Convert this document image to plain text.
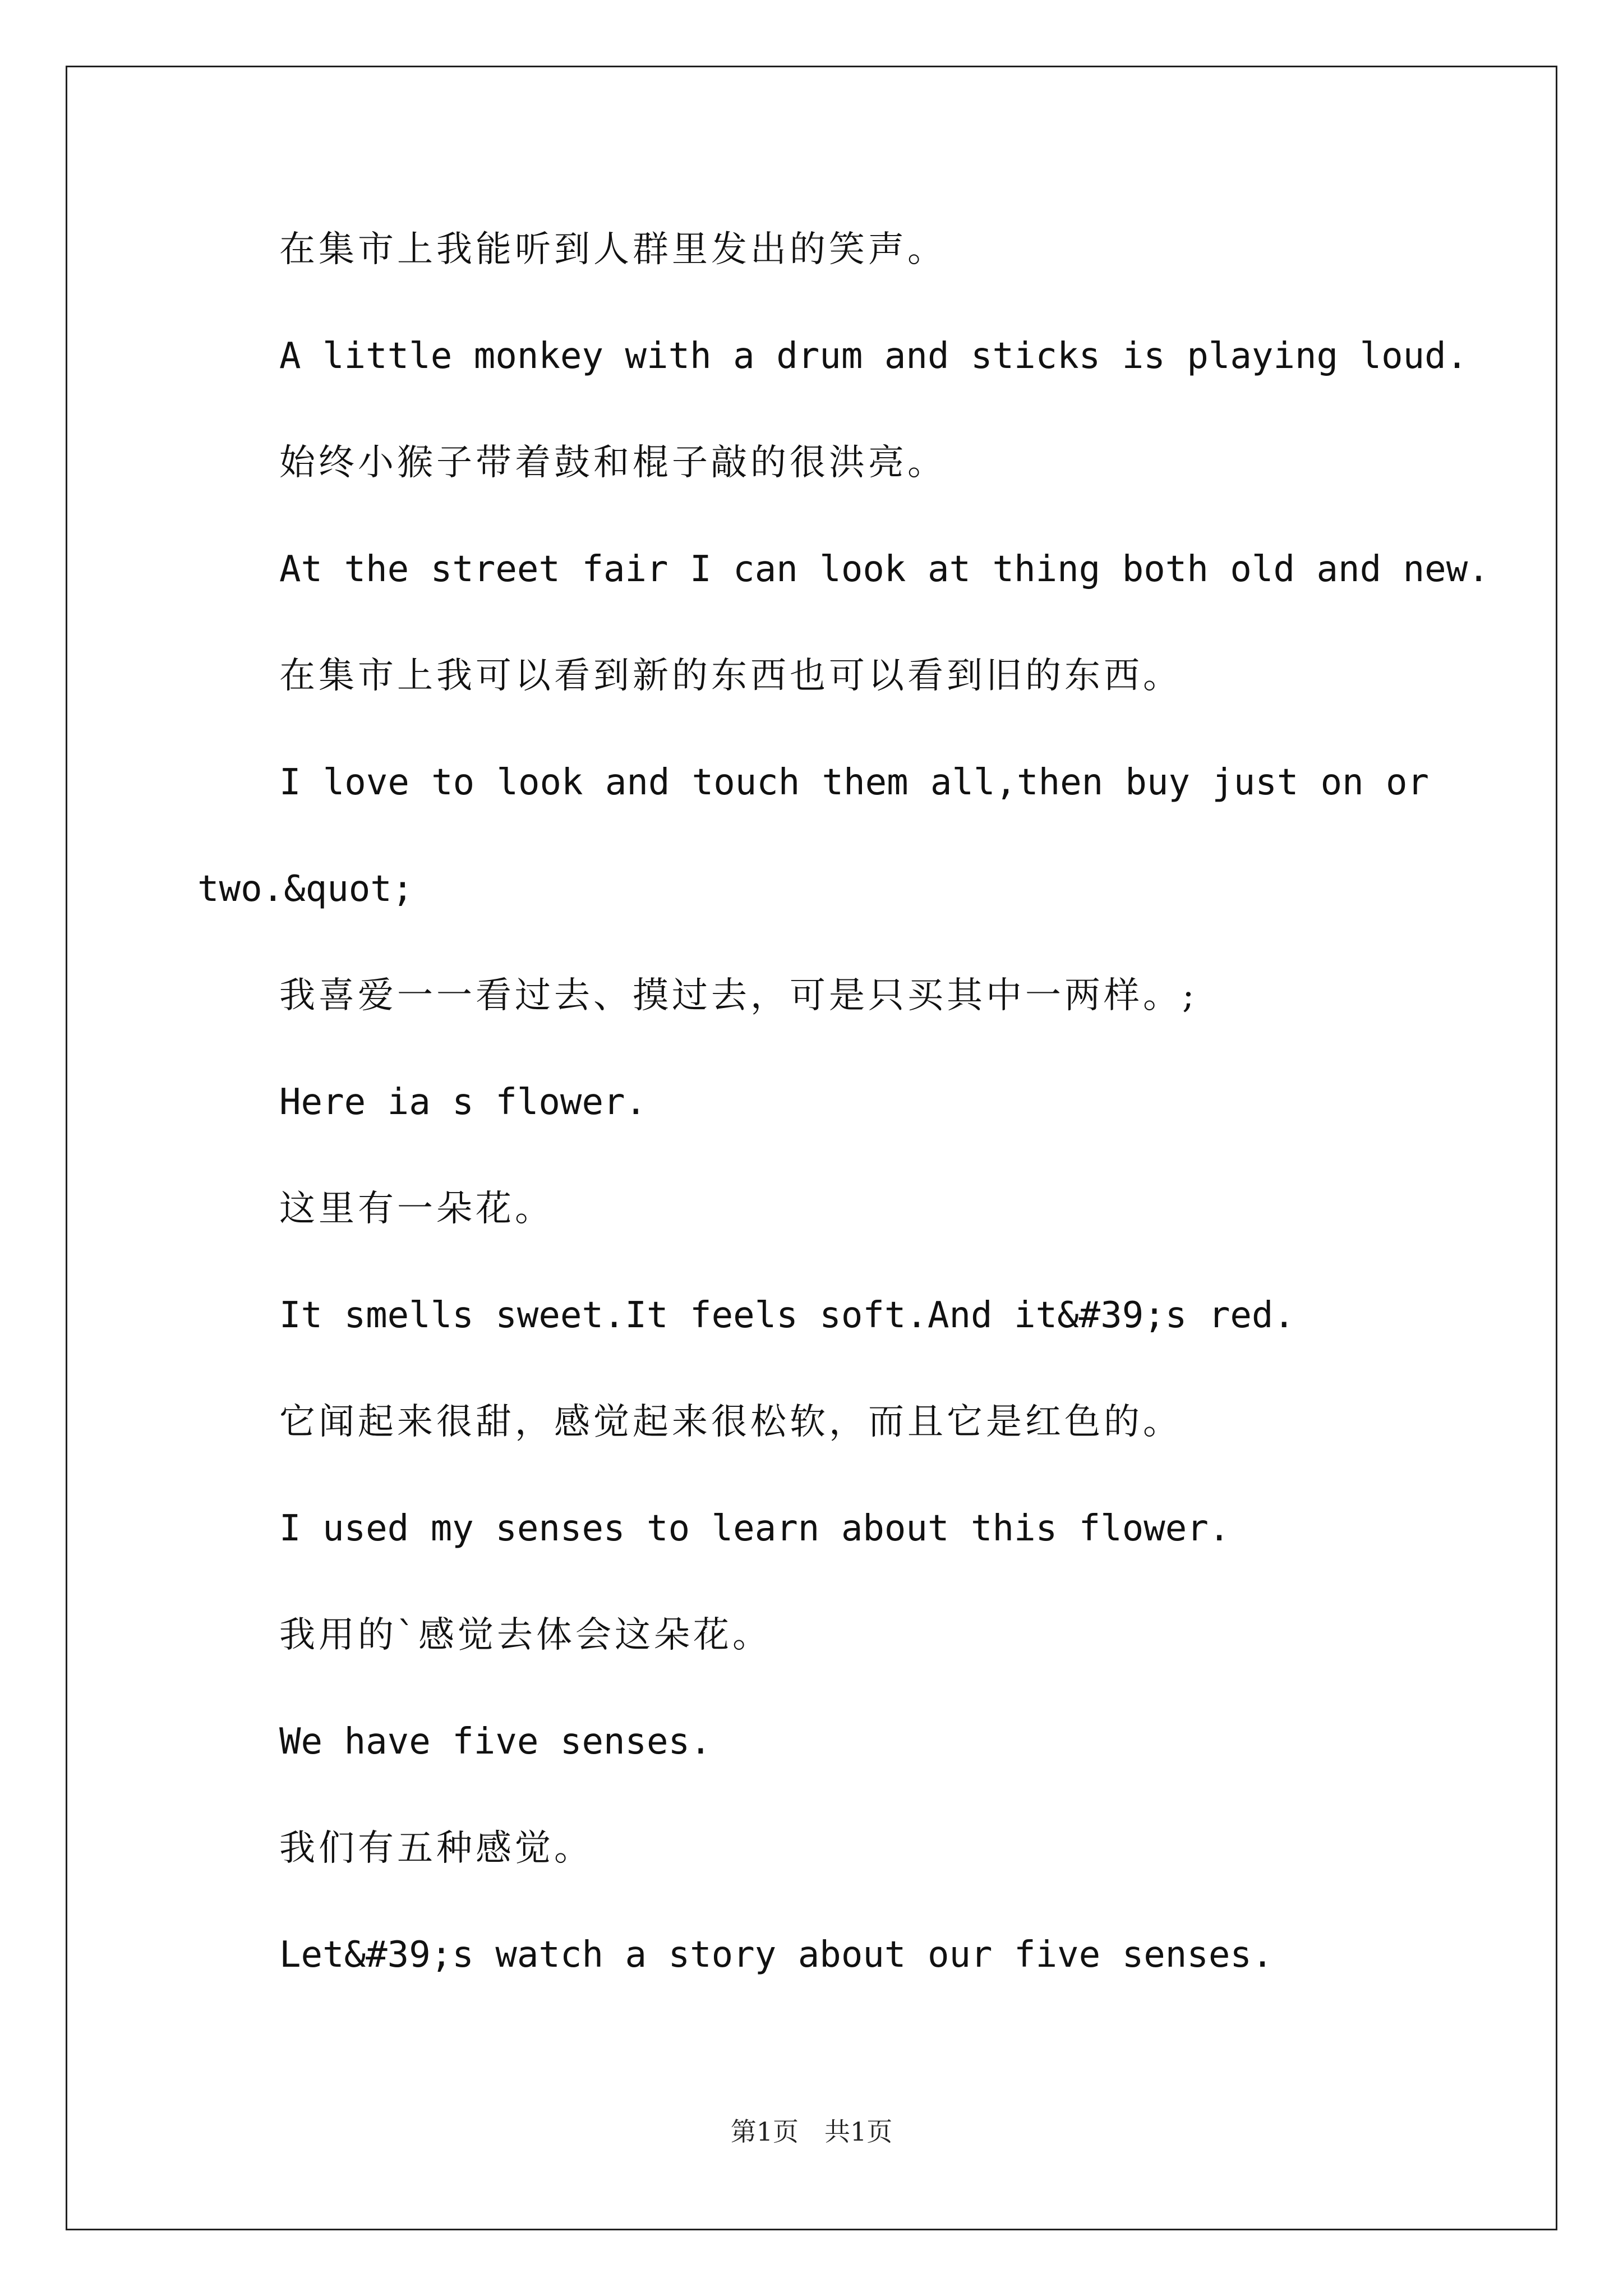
在集市上我能听到人群里发出的笑声。
A little monkey with a drum and sticks is playing loud.
始终小猴子带着鼓和棍子敲的很洪亮。
At the street fair I can look at thing both old and new.
在集市上我可以看到新的东西也可以看到旧的东西。
I love to look and touch them all,then buy just on or
two.&quot;
我喜爱一一看过去、摸过去，可是只买其中一两样。;
Here ia s flower.
这里有一朵花。
It smells sweet.It feels soft.And it&#39;s red.
它闻起来很甜，感觉起来很松软，而且它是红色的。
I used my senses to learn about this flower.
我用的`感觉去体会这朵花。
We have five senses.
我们有五种感觉。
Let&#39;s watch a story about our five senses.
第1页　共1页
